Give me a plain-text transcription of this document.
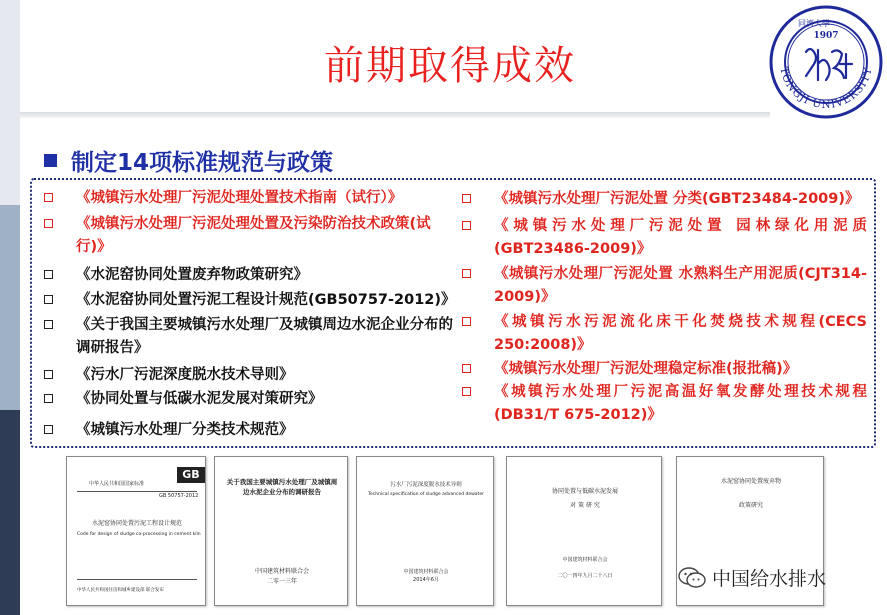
前期取得成效	TONGJI UNIVERSITY
1907
同濟大學
制定14项标准规范与政策
《城镇污水处理厂污泥处理处置技术指南（试行）》
《城镇污水处理厂污泥处理处置及污染防治技术政策(试行)》
《水泥窑协同处置废弃物政策研究》
《水泥窑协同处置污泥工程设计规范(GB50757-2012)》
《关于我国主要城镇污水处理厂及城镇周边水泥企业分布的调研报告》
《污水厂污泥深度脱水技术导则》
《协同处置与低碳水泥发展对策研究》
《城镇污水处理厂分类技术规范》
《城镇污水处理厂污泥处置 分类(GBT23484-2009)》
《城镇污水处理厂污泥处置 园林绿化用泥质(GBT23486-2009)》
《城镇污水处理厂污泥处置 水熟料生产用泥质(CJT314-2009)》
《城镇污水污泥流化床干化焚烧技术规程(CECS 250:2008)》
《城镇污水处理厂污泥处理稳定标准(报批稿)》
《城镇污水处理厂污泥高温好氧发酵处理技术规程(DB31/T 675-2012)》
GB
中华人民共和国国家标准
GB 50757-2012
水泥窑协同处置污泥工程设计规范
Code for design of sludge co-processing in cement kiln
中华人民共和国住房和城乡建设部 联合发布
关于我国主要城镇污水处理厂及城镇周边水泥企业分布的调研报告
中国建筑材料联合会
二零一三年
污水厂污泥深度脱水技术导则
Technical specification of sludge advanced dewater
中国建筑材料联合会
2014年6月
协同处置与低碳水泥发展
对 策 研 究
中国建筑材料联合会
二〇一四年九月二十八日
水泥窑协同处置废弃物
政策研究
中国给水排水
